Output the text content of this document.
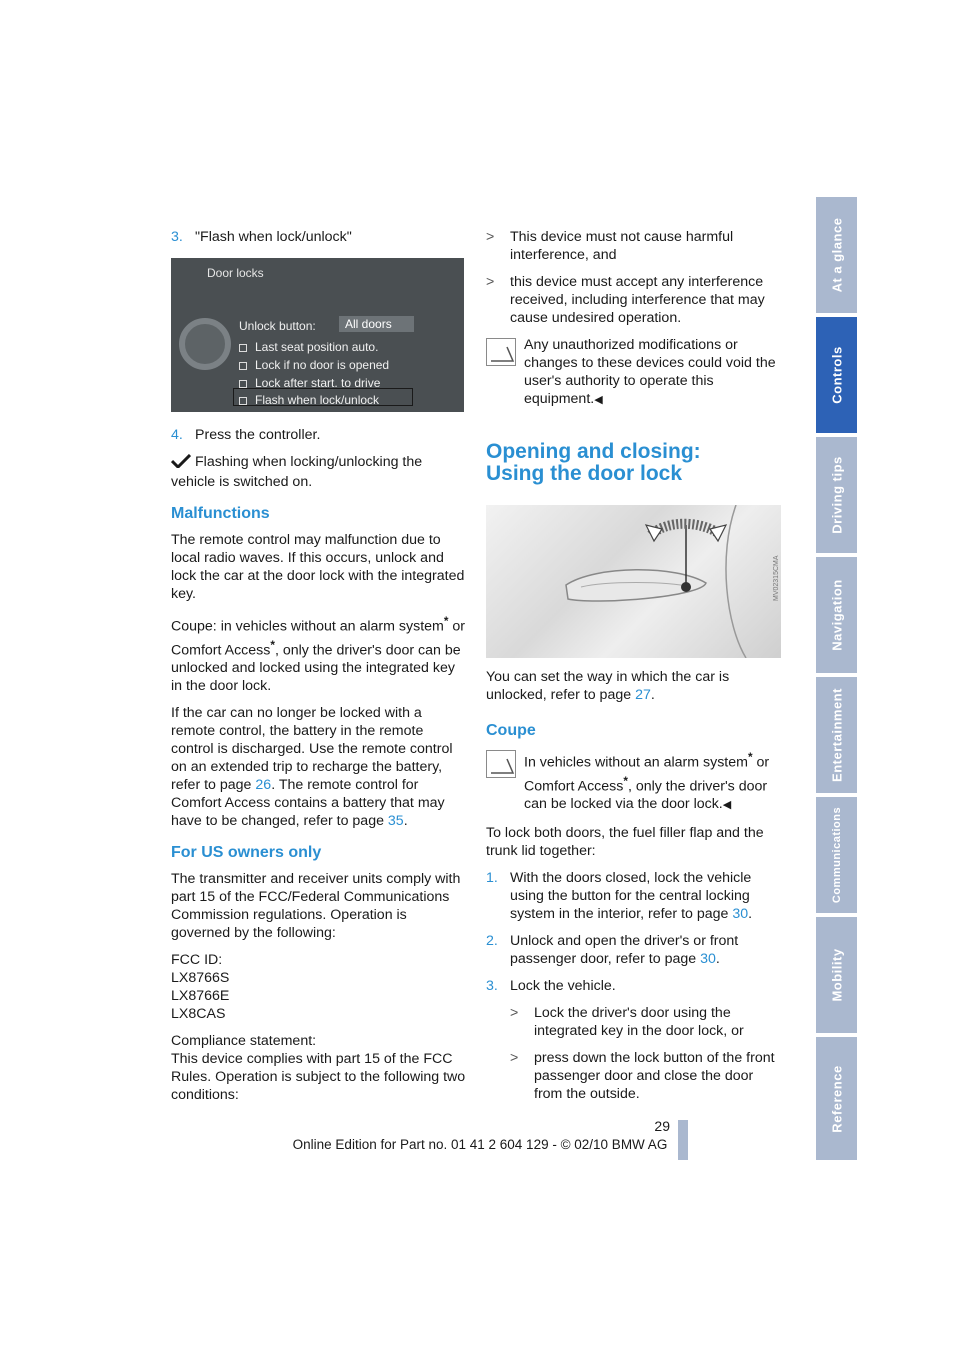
3. "Flash when lock/unlock"
Door locks
Unlock button:	All doors
Last seat position auto.
Lock if no door is opened
Lock after start. to drive
Flash when lock/unlock
4. Press the controller.

Flashing when locking/unlocking the vehicle is switched on.

Malfunctions

The remote control may malfunction due to local radio waves. If this occurs, unlock and lock the car at the door lock with the integrated key.

Coupe: in vehicles without an alarm system* or Comfort Access*, only the driver's door can be unlocked and locked using the integrated key in the door lock.

If the car can no longer be locked with a remote control, the battery in the remote control is discharged. Use the remote control on an extended trip to recharge the battery, refer to page 26. The remote control for Comfort Access contains a battery that may have to be changed, refer to page 35.

For US owners only

The transmitter and receiver units comply with part 15 of the FCC/Federal Communications Commission regulations. Operation is governed by the following:

FCC ID:
LX8766S
LX8766E
LX8CAS

Compliance statement:
This device complies with part 15 of the FCC Rules. Operation is subject to the following two conditions:

>	This device must not cause harmful interference, and
>	this device must accept any interference received, including interference that may cause undesired operation.
Any unauthorized modifications or changes to these devices could void the user's authority to operate this equipment.◀
Opening and closing:
Using the door lock
MV02315CMA

You can set the way in which the car is unlocked, refer to page 27.

Coupe
In vehicles without an alarm system* or Comfort Access*, only the driver's door can be locked via the door lock.◀

To lock both doors, the fuel filler flap and the trunk lid together:

1. With the doors closed, lock the vehicle using the button for the central locking system in the interior, refer to page 30.
2. Unlock and open the driver's or front passenger door, refer to page 30.
3. Lock the vehicle.
>	Lock the driver's door using the integrated key in the door lock, or
>	press down the lock button of the front passenger door and close the door from the outside.
At a glance
Controls
Driving tips
Navigation
Entertainment
Communications
Mobility
Reference
29
Online Edition for Part no. 01 41 2 604 129 - © 02/10 BMW AG
